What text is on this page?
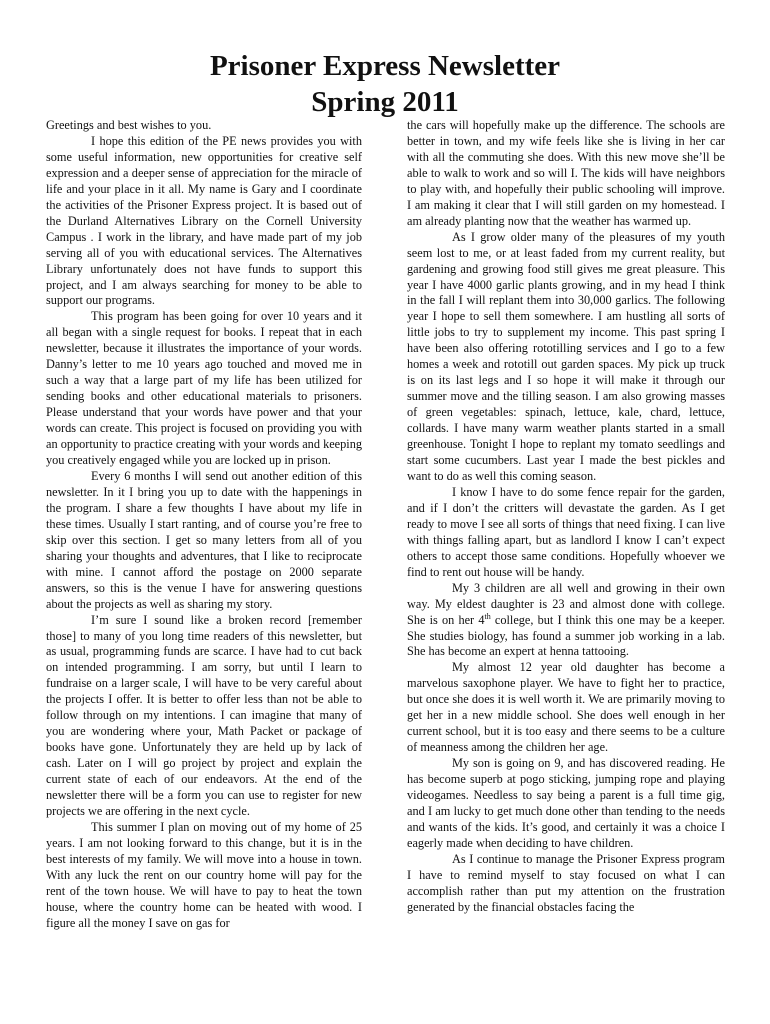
Prisoner Express Newsletter
Spring 2011

Greetings and best wishes to you.

I hope this edition of the PE news provides you with some useful information, new opportunities for creative self expression and a deeper sense of appreciation for the miracle of life and your place in it all. My name is Gary and I coordinate the activities of the Prisoner Express project. It is based out of the Durland Alternatives Library on the Cornell University Campus . I work in the library, and have made part of my job serving all of you with educational services. The Alternatives Library unfortunately does not have funds to support this project, and I am always searching for money to be able to support our programs.

This program has been going for over 10 years and it all began with a single request for books. I repeat that in each newsletter, because it illustrates the importance of your words. Danny’s letter to me 10 years ago touched and moved me in such a way that a large part of my life has been utilized for sending books and other educational materials to prisoners. Please understand that your words have power and that your words can create. This project is focused on providing you with an opportunity to practice creating with your words and keeping you creatively engaged while you are locked up in prison.

Every 6 months I will send out another edition of this newsletter. In it I bring you up to date with the happenings in the program. I share a few thoughts I have about my life in these times. Usually I start ranting, and of course you’re free to skip over this section. I get so many letters from all of you sharing your thoughts and adventures, that I like to reciprocate with mine. I cannot afford the postage on 2000 separate answers, so this is the venue I have for answering questions about the projects as well as sharing my story.

I’m sure I sound like a broken record [remember those] to many of you long time readers of this newsletter, but as usual, programming funds are scarce. I have had to cut back on intended programming. I am sorry, but until I learn to fundraise on a larger scale, I will have to be very careful about the projects I offer. It is better to offer less than not be able to follow through on my intentions. I can imagine that many of you are wondering where your, Math Packet or package of books have gone. Unfortunately they are held up by lack of cash. Later on I will go project by project and explain the current state of each of our endeavors. At the end of the newsletter there will be a form you can use to register for new projects we are offering in the next cycle.

This summer I plan on moving out of my home of 25 years. I am not looking forward to this change, but it is in the best interests of my family. We will move into a house in town. With any luck the rent on our country home will pay for the rent of the town house. We will have to pay to heat the town house, where the country home can be heated with wood. I figure all the money I save on gas for

the cars will hopefully make up the difference. The schools are better in town, and my wife feels like she is living in her car with all the commuting she does. With this new move she’ll be able to walk to work and so will I. The kids will have neighbors to play with, and hopefully their public schooling will improve. I am making it clear that I will still garden on my homestead. I am already planting now that the weather has warmed up.

As I grow older many of the pleasures of my youth seem lost to me, or at least faded from my current reality, but gardening and growing food still gives me great pleasure. This year I have 4000 garlic plants growing, and in my head I think in the fall I will replant them into 30,000 garlics. The following year I hope to sell them somewhere. I am hustling all sorts of little jobs to try to supplement my income. This past spring I have been also offering rototilling services and I go to a few homes a week and rototill out garden spaces. My pick up truck is on its last legs and I so hope it will make it through our summer move and the tilling season. I am also growing masses of green vegetables: spinach, lettuce, kale, chard, lettuce, collards. I have many warm weather plants started in a small greenhouse. Tonight I hope to replant my tomato seedlings and start some cucumbers. Last year I made the best pickles and want to do as well this coming season.

I know I have to do some fence repair for the garden, and if I don’t the critters will devastate the garden. As I get ready to move I see all sorts of things that need fixing. I can live with things falling apart, but as landlord I know I can’t expect others to accept those same conditions. Hopefully whoever we find to rent out house will be handy.

My 3 children are all well and growing in their own way. My eldest daughter is 23 and almost done with college. She is on her 4th college, but I think this one may be a keeper. She studies biology, has found a summer job working in a lab. She has become an expert at henna tattooing.

My almost 12 year old daughter has become a marvelous saxophone player. We have to fight her to practice, but once she does it is well worth it. We are primarily moving to get her in a new middle school. She does well enough in her current school, but it is too easy and there seems to be a culture of meanness among the children her age.

My son is going on 9, and has discovered reading. He has become superb at pogo sticking, jumping rope and playing videogames. Needless to say being a parent is a full time gig, and I am lucky to get much done other than tending to the needs and wants of the kids. It’s good, and certainly it was a choice I eagerly made when deciding to have children.

As I continue to manage the Prisoner Express program I have to remind myself to stay focused on what I can accomplish rather than put my attention on the frustration generated by the financial obstacles facing the
